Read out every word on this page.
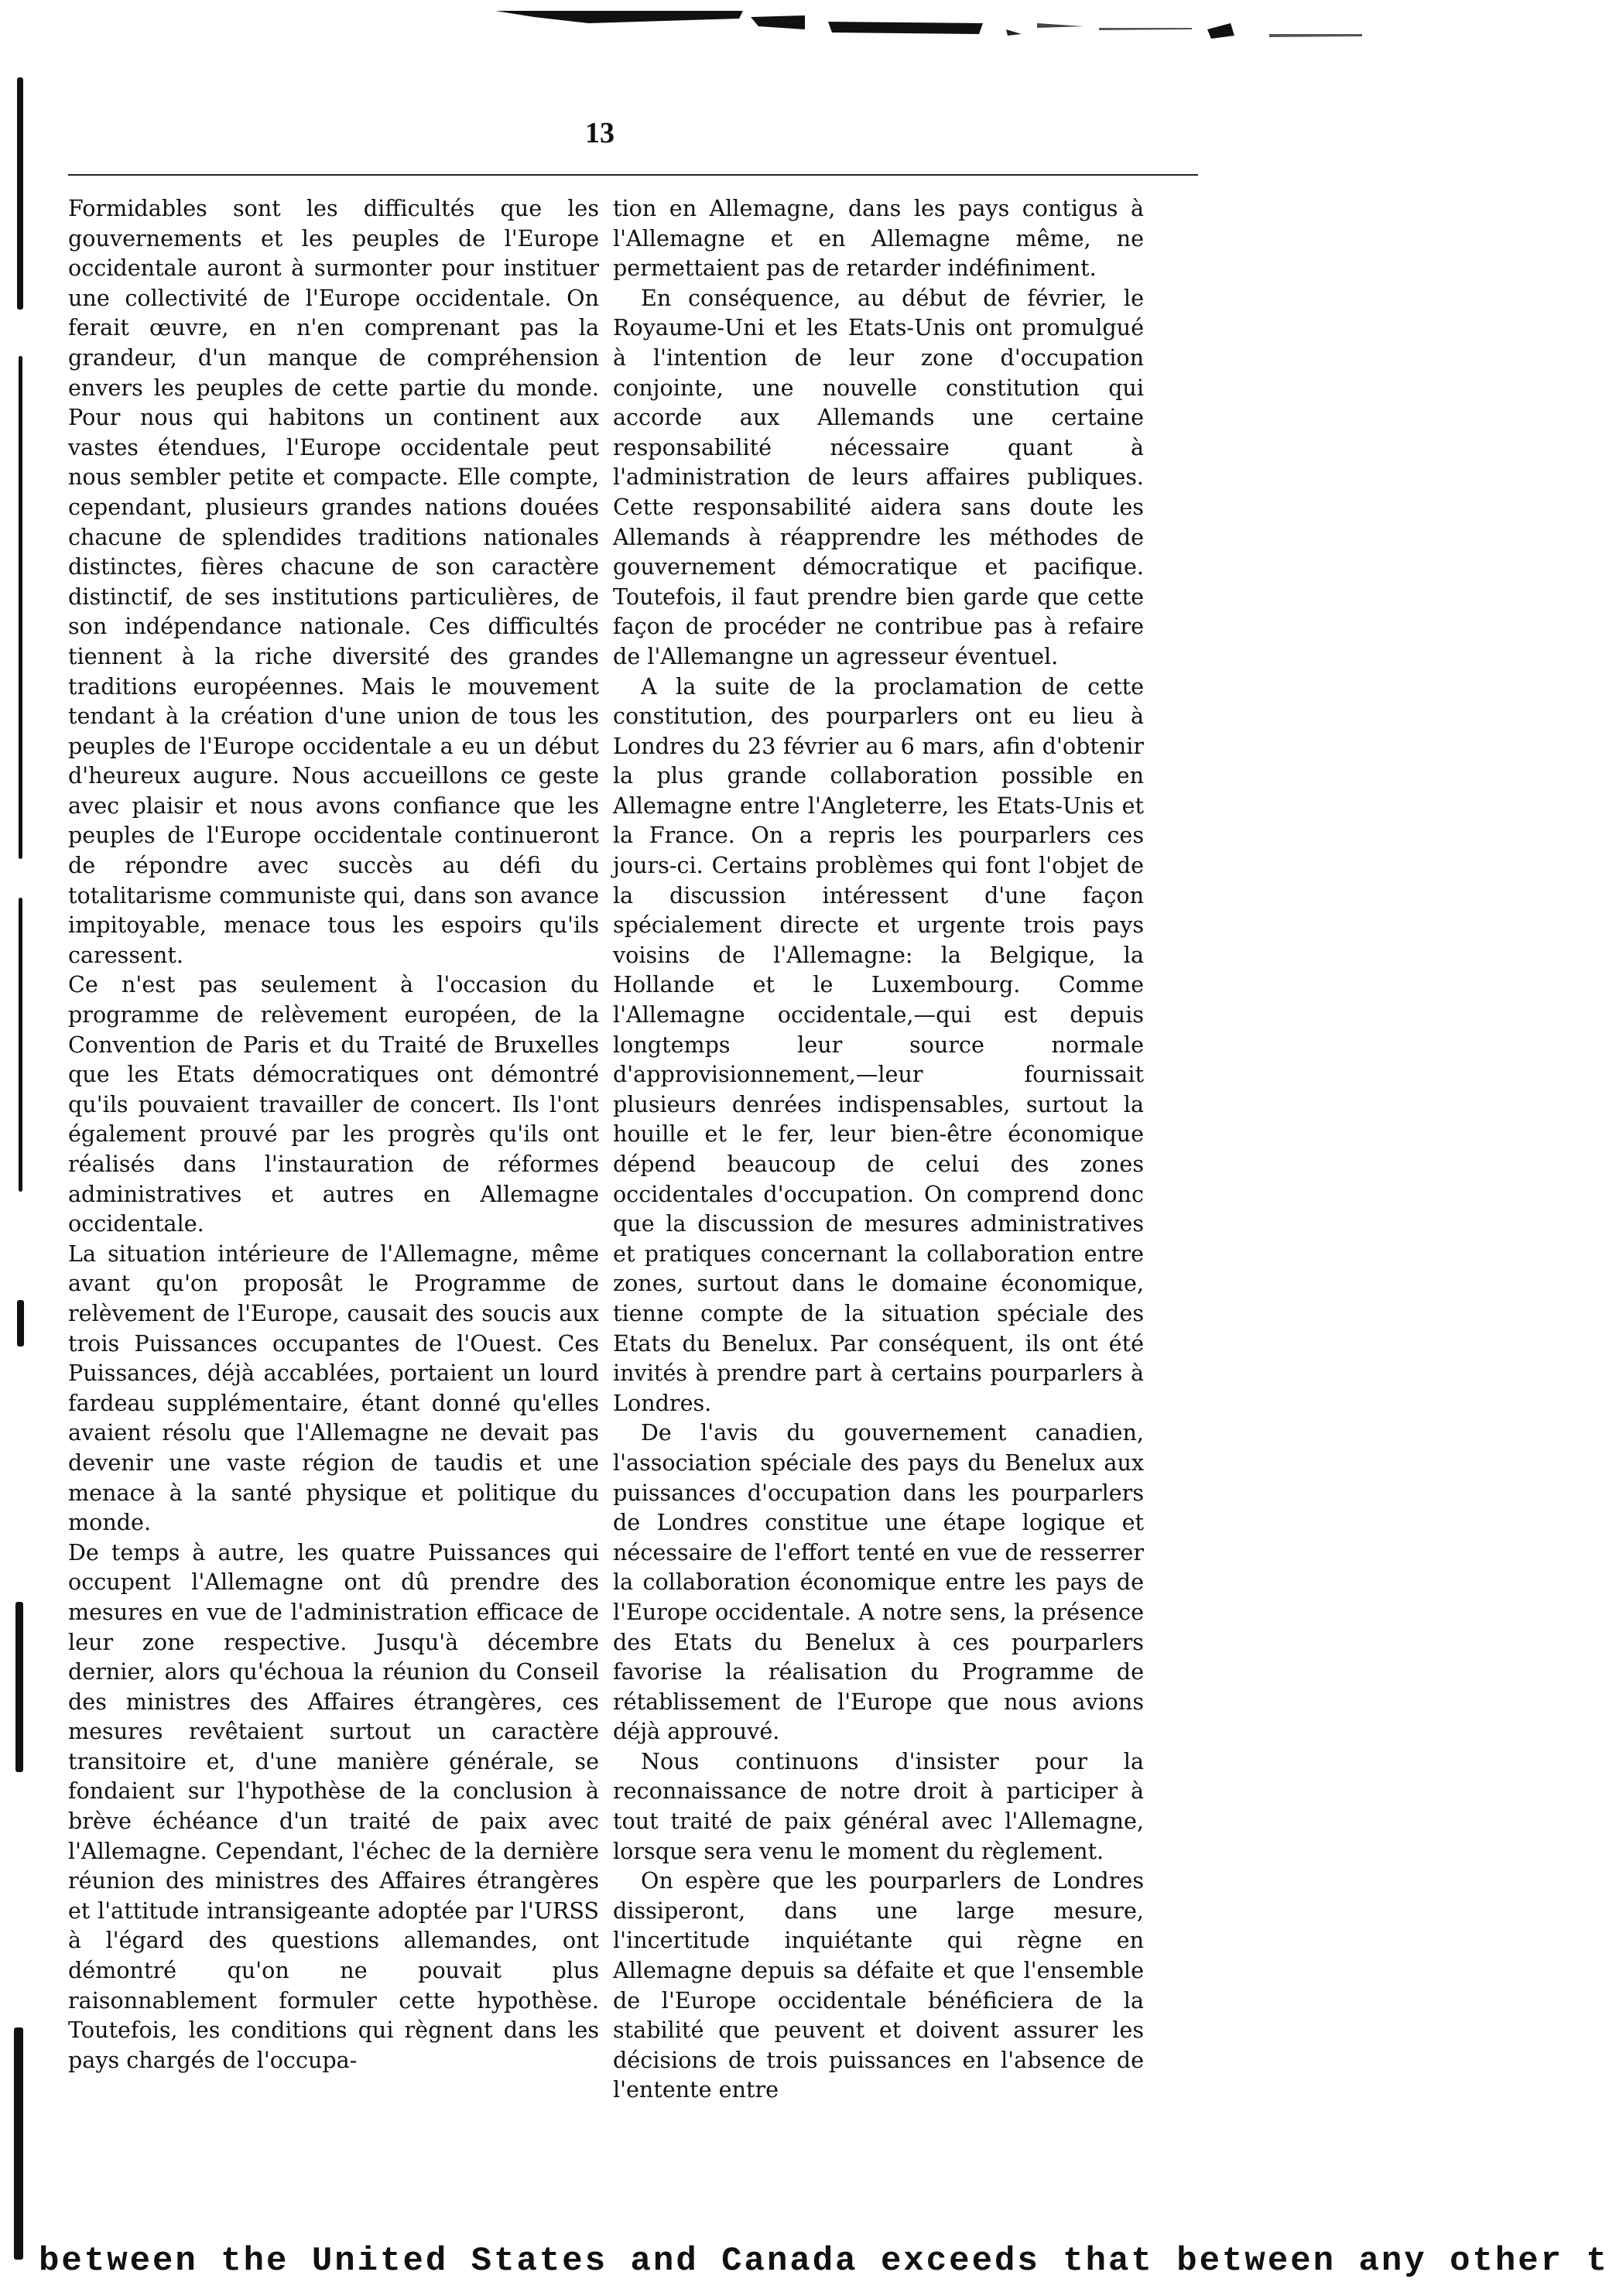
13

Formidables sont les difficultés que les gouvernements et les peuples de l'Europe occidentale auront à surmonter pour instituer une collectivité de l'Europe occidentale. On ferait œuvre, en n'en comprenant pas la grandeur, d'un manque de compréhension envers les peuples de cette partie du monde. Pour nous qui habitons un continent aux vastes étendues, l'Europe occidentale peut nous sembler petite et compacte. Elle compte, cependant, plusieurs grandes nations douées chacune de splendides traditions nationales distinctes, fières chacune de son caractère distinctif, de ses institutions particulières, de son indépendance nationale. Ces difficultés tiennent à la riche diversité des grandes traditions européennes. Mais le mouvement tendant à la création d'une union de tous les peuples de l'Europe occidentale a eu un début d'heureux augure. Nous accueillons ce geste avec plaisir et nous avons confiance que les peuples de l'Europe occidentale continueront de répondre avec succès au défi du totalitarisme communiste qui, dans son avance impitoyable, menace tous les espoirs qu'ils caressent.

Ce n'est pas seulement à l'occasion du programme de relèvement européen, de la Convention de Paris et du Traité de Bruxelles que les Etats démocratiques ont démontré qu'ils pouvaient travailler de concert. Ils l'ont également prouvé par les progrès qu'ils ont réalisés dans l'instauration de réformes administratives et autres en Allemagne occidentale.

La situation intérieure de l'Allemagne, même avant qu'on proposât le Programme de relèvement de l'Europe, causait des soucis aux trois Puissances occupantes de l'Ouest. Ces Puissances, déjà accablées, portaient un lourd fardeau supplémentaire, étant donné qu'elles avaient résolu que l'Allemagne ne devait pas devenir une vaste région de taudis et une menace à la santé physique et politique du monde.

De temps à autre, les quatre Puissances qui occupent l'Allemagne ont dû prendre des mesures en vue de l'administration efficace de leur zone respective. Jusqu'à décembre dernier, alors qu'échoua la réunion du Conseil des ministres des Affaires étrangères, ces mesures revêtaient surtout un caractère transitoire et, d'une manière générale, se fondaient sur l'hypothèse de la conclusion à brève échéance d'un traité de paix avec l'Allemagne. Cependant, l'échec de la dernière réunion des ministres des Affaires étrangères et l'attitude intransigeante adoptée par l'URSS à l'égard des questions allemandes, ont démontré qu'on ne pouvait plus raisonnablement formuler cette hypothèse. Toutefois, les conditions qui règnent dans les pays chargés de l'occupa-

tion en Allemagne, dans les pays contigus à l'Allemagne et en Allemagne même, ne permettaient pas de retarder indéfiniment.

En conséquence, au début de février, le Royaume-Uni et les Etats-Unis ont promulgué à l'intention de leur zone d'occupation conjointe, une nouvelle constitution qui accorde aux Allemands une certaine responsabilité nécessaire quant à l'administration de leurs affaires publiques. Cette responsabilité aidera sans doute les Allemands à réapprendre les méthodes de gouvernement démocratique et pacifique. Toutefois, il faut prendre bien garde que cette façon de procéder ne contribue pas à refaire de l'Allemangne un agresseur éventuel.

A la suite de la proclamation de cette constitution, des pourparlers ont eu lieu à Londres du 23 février au 6 mars, afin d'obtenir la plus grande collaboration possible en Allemagne entre l'Angleterre, les Etats-Unis et la France. On a repris les pourparlers ces jours-ci. Certains problèmes qui font l'objet de la discussion intéressent d'une façon spécialement directe et urgente trois pays voisins de l'Allemagne: la Belgique, la Hollande et le Luxembourg. Comme l'Allemagne occidentale,—qui est depuis longtemps leur source normale d'approvisionnement,—leur fournissait plusieurs denrées indispensables, surtout la houille et le fer, leur bien-être économique dépend beaucoup de celui des zones occidentales d'occupation. On comprend donc que la discussion de mesures administratives et pratiques concernant la collaboration entre zones, surtout dans le domaine économique, tienne compte de la situation spéciale des Etats du Benelux. Par conséquent, ils ont été invités à prendre part à certains pourparlers à Londres.

De l'avis du gouvernement canadien, l'association spéciale des pays du Benelux aux puissances d'occupation dans les pourparlers de Londres constitue une étape logique et nécessaire de l'effort tenté en vue de resserrer la collaboration économique entre les pays de l'Europe occidentale. A notre sens, la présence des Etats du Benelux à ces pourparlers favorise la réalisation du Programme de rétablissement de l'Europe que nous avions déjà approuvé.

Nous continuons d'insister pour la reconnaissance de notre droit à participer à tout traité de paix général avec l'Allemagne, lorsque sera venu le moment du règlement.

On espère que les pourparlers de Londres dissiperont, dans une large mesure, l'incertitude inquiétante qui règne en Allemagne depuis sa défaite et que l'ensemble de l'Europe occidentale bénéficiera de la stabilité que peuvent et doivent assurer les décisions de trois puissances en l'absence de l'entente entre

between the United States and Canada exceeds that between any other t
